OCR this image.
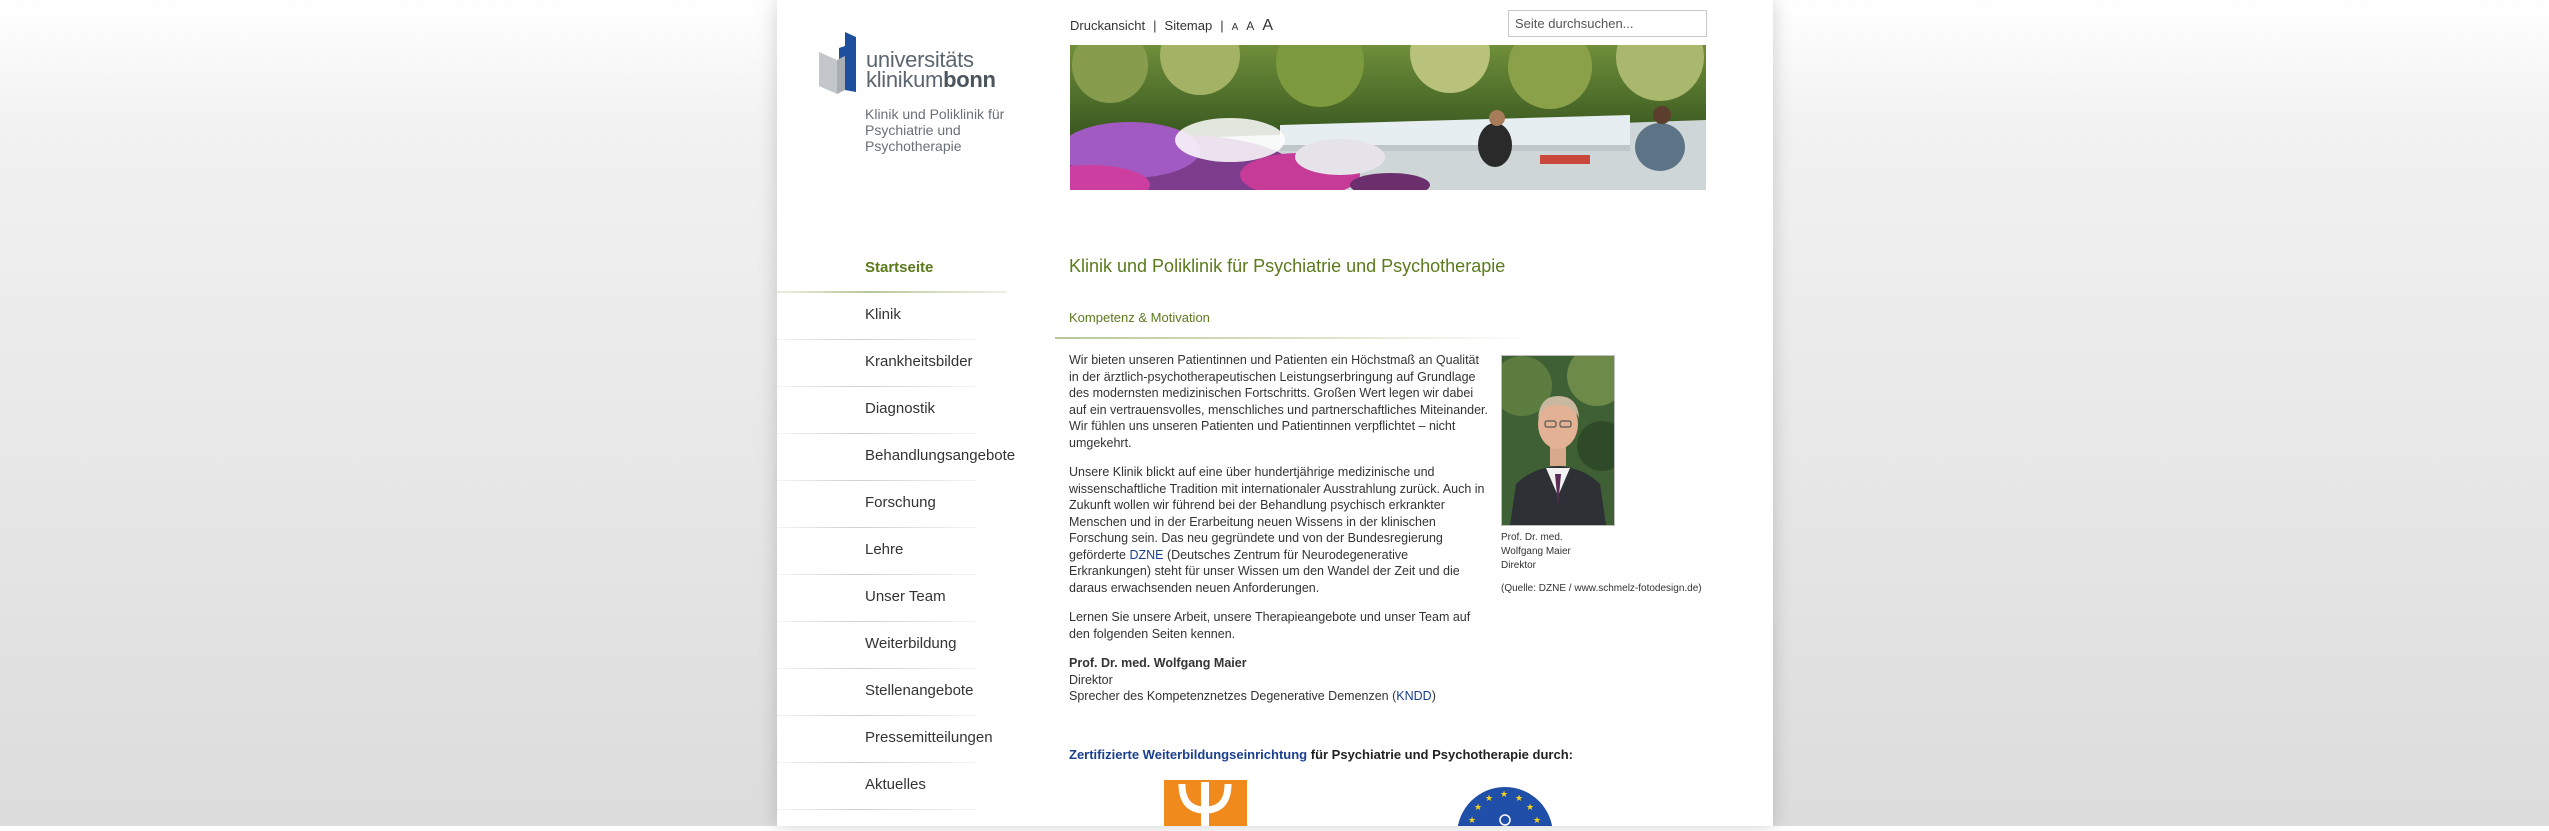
universitäts
klinikumbonn
Klinik und Poliklinik für Psychiatrie und Psychotherapie
Druckansicht | Sitemap | A A A
Seite durchsuchen...
Startseite
Klinik
Krankheitsbilder
Diagnostik
Behandlungsangebote
Forschung
Lehre
Unser Team
Weiterbildung
Stellenangebote
Pressemitteilungen
Aktuelles
Klinik und Poliklinik für Psychiatrie und Psychotherapie
Kompetenz & Motivation

Wir bieten unseren Patientinnen und Patienten ein Höchstmaß an Qualität in der ärztlich-psychotherapeutischen Leistungserbringung auf Grundlage des modernsten medizinischen Fortschritts. Großen Wert legen wir dabei auf ein vertrauensvolles, menschliches und partnerschaftliches Miteinander. Wir fühlen uns unseren Patienten und Patientinnen verpflichtet – nicht umgekehrt.

Unsere Klinik blickt auf eine über hundertjährige medizinische und wissenschaftliche Tradition mit internationaler Ausstrahlung zurück. Auch in Zukunft wollen wir führend bei der Behandlung psychisch erkrankter Menschen und in der Erarbeitung neuen Wissens in der klinischen Forschung sein. Das neu gegründete und von der Bundesregierung geförderte DZNE (Deutsches Zentrum für Neurodegenerative Erkrankungen) steht für unser Wissen um den Wandel der Zeit und die daraus erwachsenden neuen Anforderungen.

Lernen Sie unsere Arbeit, unsere Therapieangebote und unser Team auf den folgenden Seiten kennen.

Prof. Dr. med. Wolfgang Maier
Direktor
Sprecher des Kompetenznetzes Degenerative Demenzen (KNDD)
Prof. Dr. med.
Wolfgang Maier
Direktor
(Quelle: DZNE / www.schmelz-fotodesign.de)
Zertifizierte Weiterbildungseinrichtung für Psychiatrie und Psychotherapie durch:
★
★ ★ ★
★
★	★
